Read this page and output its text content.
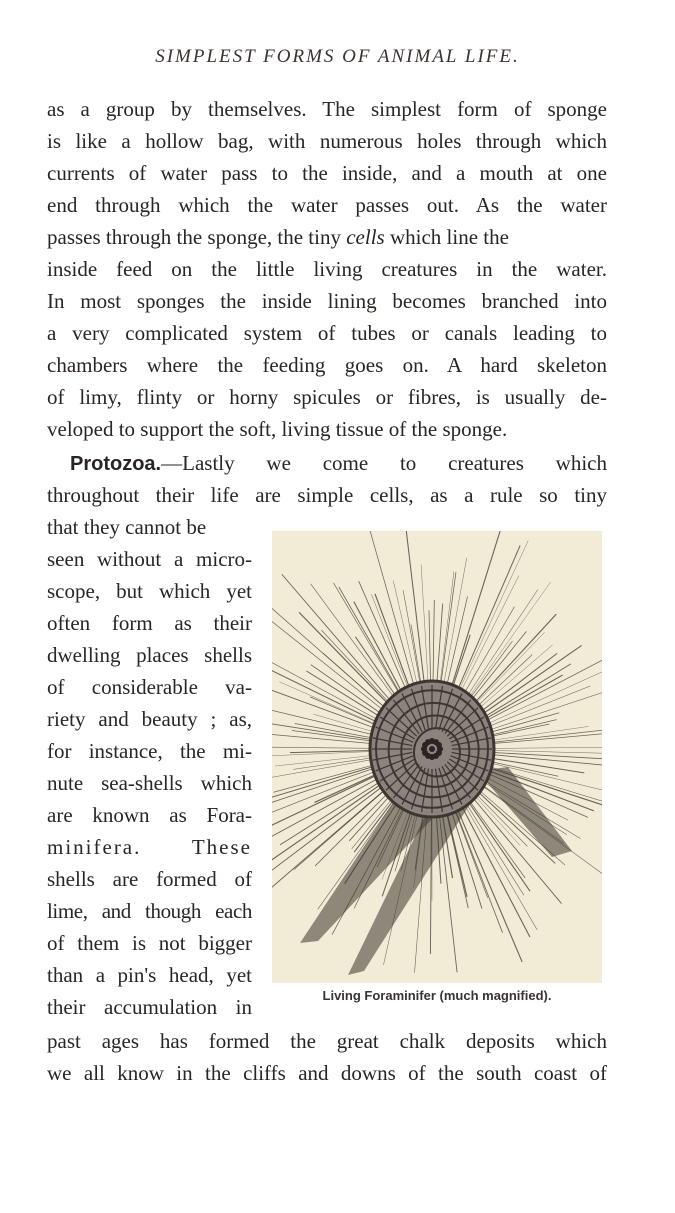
SIMPLEST FORMS OF ANIMAL LIFE.
as a group by themselves. The simplest form of sponge
is like a hollow bag, with numerous holes through which
currents of water pass to the inside, and a mouth at one
end through which the water passes out. As the water
passes through the sponge, the tiny cells which line the
inside feed on the little living creatures in the water.
In most sponges the inside lining becomes branched into
a very complicated system of tubes or canals leading to
chambers where the feeding goes on. A hard skeleton
of limy, flinty or horny spicules or fibres, is usually de-
veloped to support the soft, living tissue of the sponge.
Protozoa.—Lastly we come to creatures which
throughout their life are simple cells, as a rule so tiny
that they cannot be
seen without a micro-
scope, but which yet
often form as their
dwelling places shells
of considerable va-
riety and beauty ; as,
for instance, the mi-
nute sea-shells which
are known as Fora-
minifera. These
shells are formed of
lime, and though each
of them is not bigger
than a pin's head, yet
their accumulation in
past ages has formed the great chalk deposits which
we all know in the cliffs and downs of the south coast of
Living Foraminifer (much magnified).
